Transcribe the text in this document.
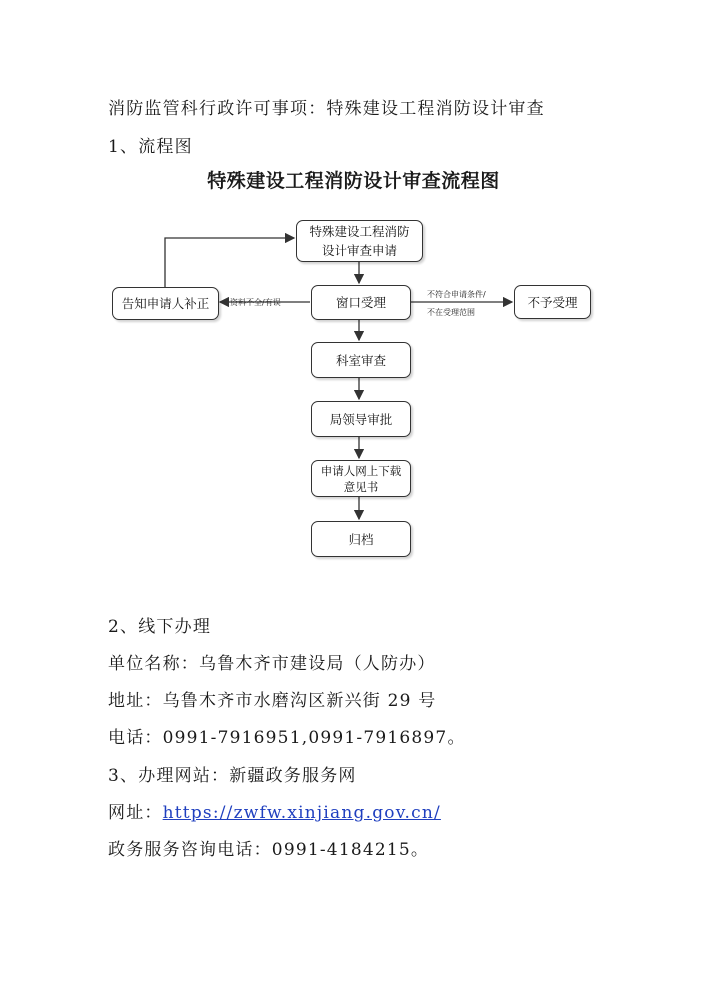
消防监管科行政许可事项：特殊建设工程消防设计审查
1、流程图
特殊建设工程消防设计审查流程图
特殊建设工程消防
设计审查申请
窗口受理
告知申请人补正	不予受理
科室审查
局领导审批
申请人网上下载
意见书
归档
资料不全/有误
不符合申请条件/
不在受理范围
2、线下办理
单位名称：乌鲁木齐市建设局（人防办）
地址：乌鲁木齐市水磨沟区新兴街 29 号
电话：0991-7916951,0991-7916897。
3、办理网站：新疆政务服务网
网址：https://zwfw.xinjiang.gov.cn/
政务服务咨询电话：0991-4184215。
